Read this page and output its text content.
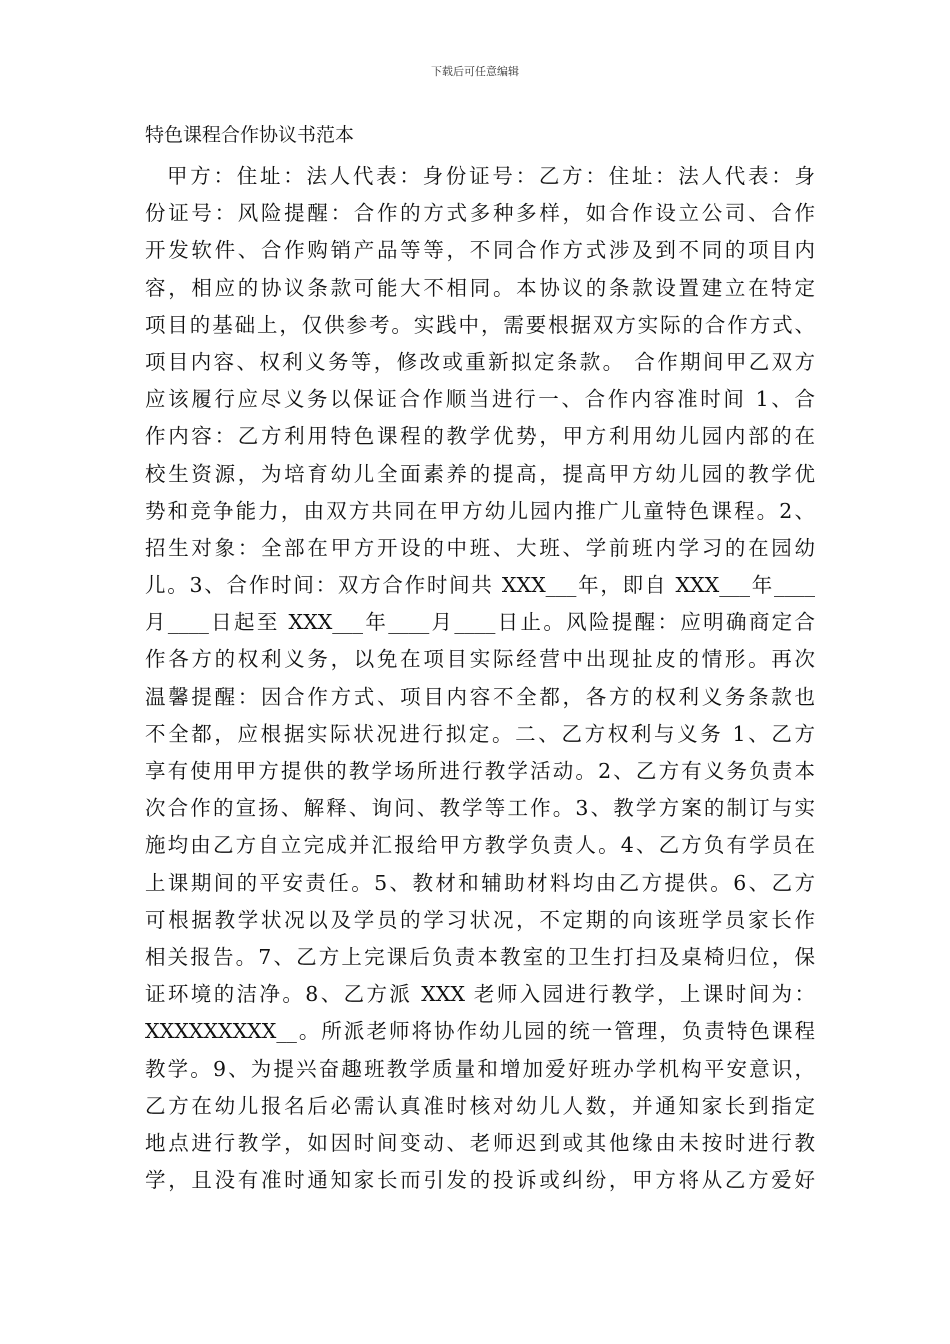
下载后可任意编辑
特色课程合作协议书范本
甲方：住址：法人代表：身份证号：乙方：住址：法人代表：身
份证号：风险提醒：合作的方式多种多样，如合作设立公司、合作
开发软件、合作购销产品等等，不同合作方式涉及到不同的项目内
容，相应的协议条款可能大不相同。本协议的条款设置建立在特定
项目的基础上，仅供参考。实践中，需要根据双方实际的合作方式、
项目内容、权利义务等，修改或重新拟定条款。 合作期间甲乙双方
应该履行应尽义务以保证合作顺当进行一、合作内容准时间 1、合
作内容：乙方利用特色课程的教学优势，甲方利用幼儿园内部的在
校生资源，为培育幼儿全面素养的提高，提高甲方幼儿园的教学优
势和竞争能力，由双方共同在甲方幼儿园内推广儿童特色课程。2、
招生对象：全部在甲方开设的中班、大班、学前班内学习的在园幼
儿。3、合作时间：双方合作时间共 XXX___年，即自 XXX___年____
月____日起至 XXX___年____月____日止。风险提醒：应明确商定合
作各方的权利义务，以免在项目实际经营中出现扯皮的情形。再次
温馨提醒：因合作方式、项目内容不全都，各方的权利义务条款也
不全都，应根据实际状况进行拟定。二、乙方权利与义务 1、乙方
享有使用甲方提供的教学场所进行教学活动。2、乙方有义务负责本
次合作的宣扬、解释、询问、教学等工作。3、教学方案的制订与实
施均由乙方自立完成并汇报给甲方教学负责人。4、乙方负有学员在
上课期间的平安责任。5、教材和辅助材料均由乙方提供。6、乙方
可根据教学状况以及学员的学习状况，不定期的向该班学员家长作
相关报告。7、乙方上完课后负责本教室的卫生打扫及桌椅归位，保
证环境的洁净。8、乙方派 XXX 老师入园进行教学，上课时间为：
XXXXXXXXX__。所派老师将协作幼儿园的统一管理，负责特色课程
教学。9、为提兴奋趣班教学质量和增加爱好班办学机构平安意识，
乙方在幼儿报名后必需认真准时核对幼儿人数，并通知家长到指定
地点进行教学，如因时间变动、老师迟到或其他缘由未按时进行教
学，且没有准时通知家长而引发的投诉或纠纷，甲方将从乙方爱好
